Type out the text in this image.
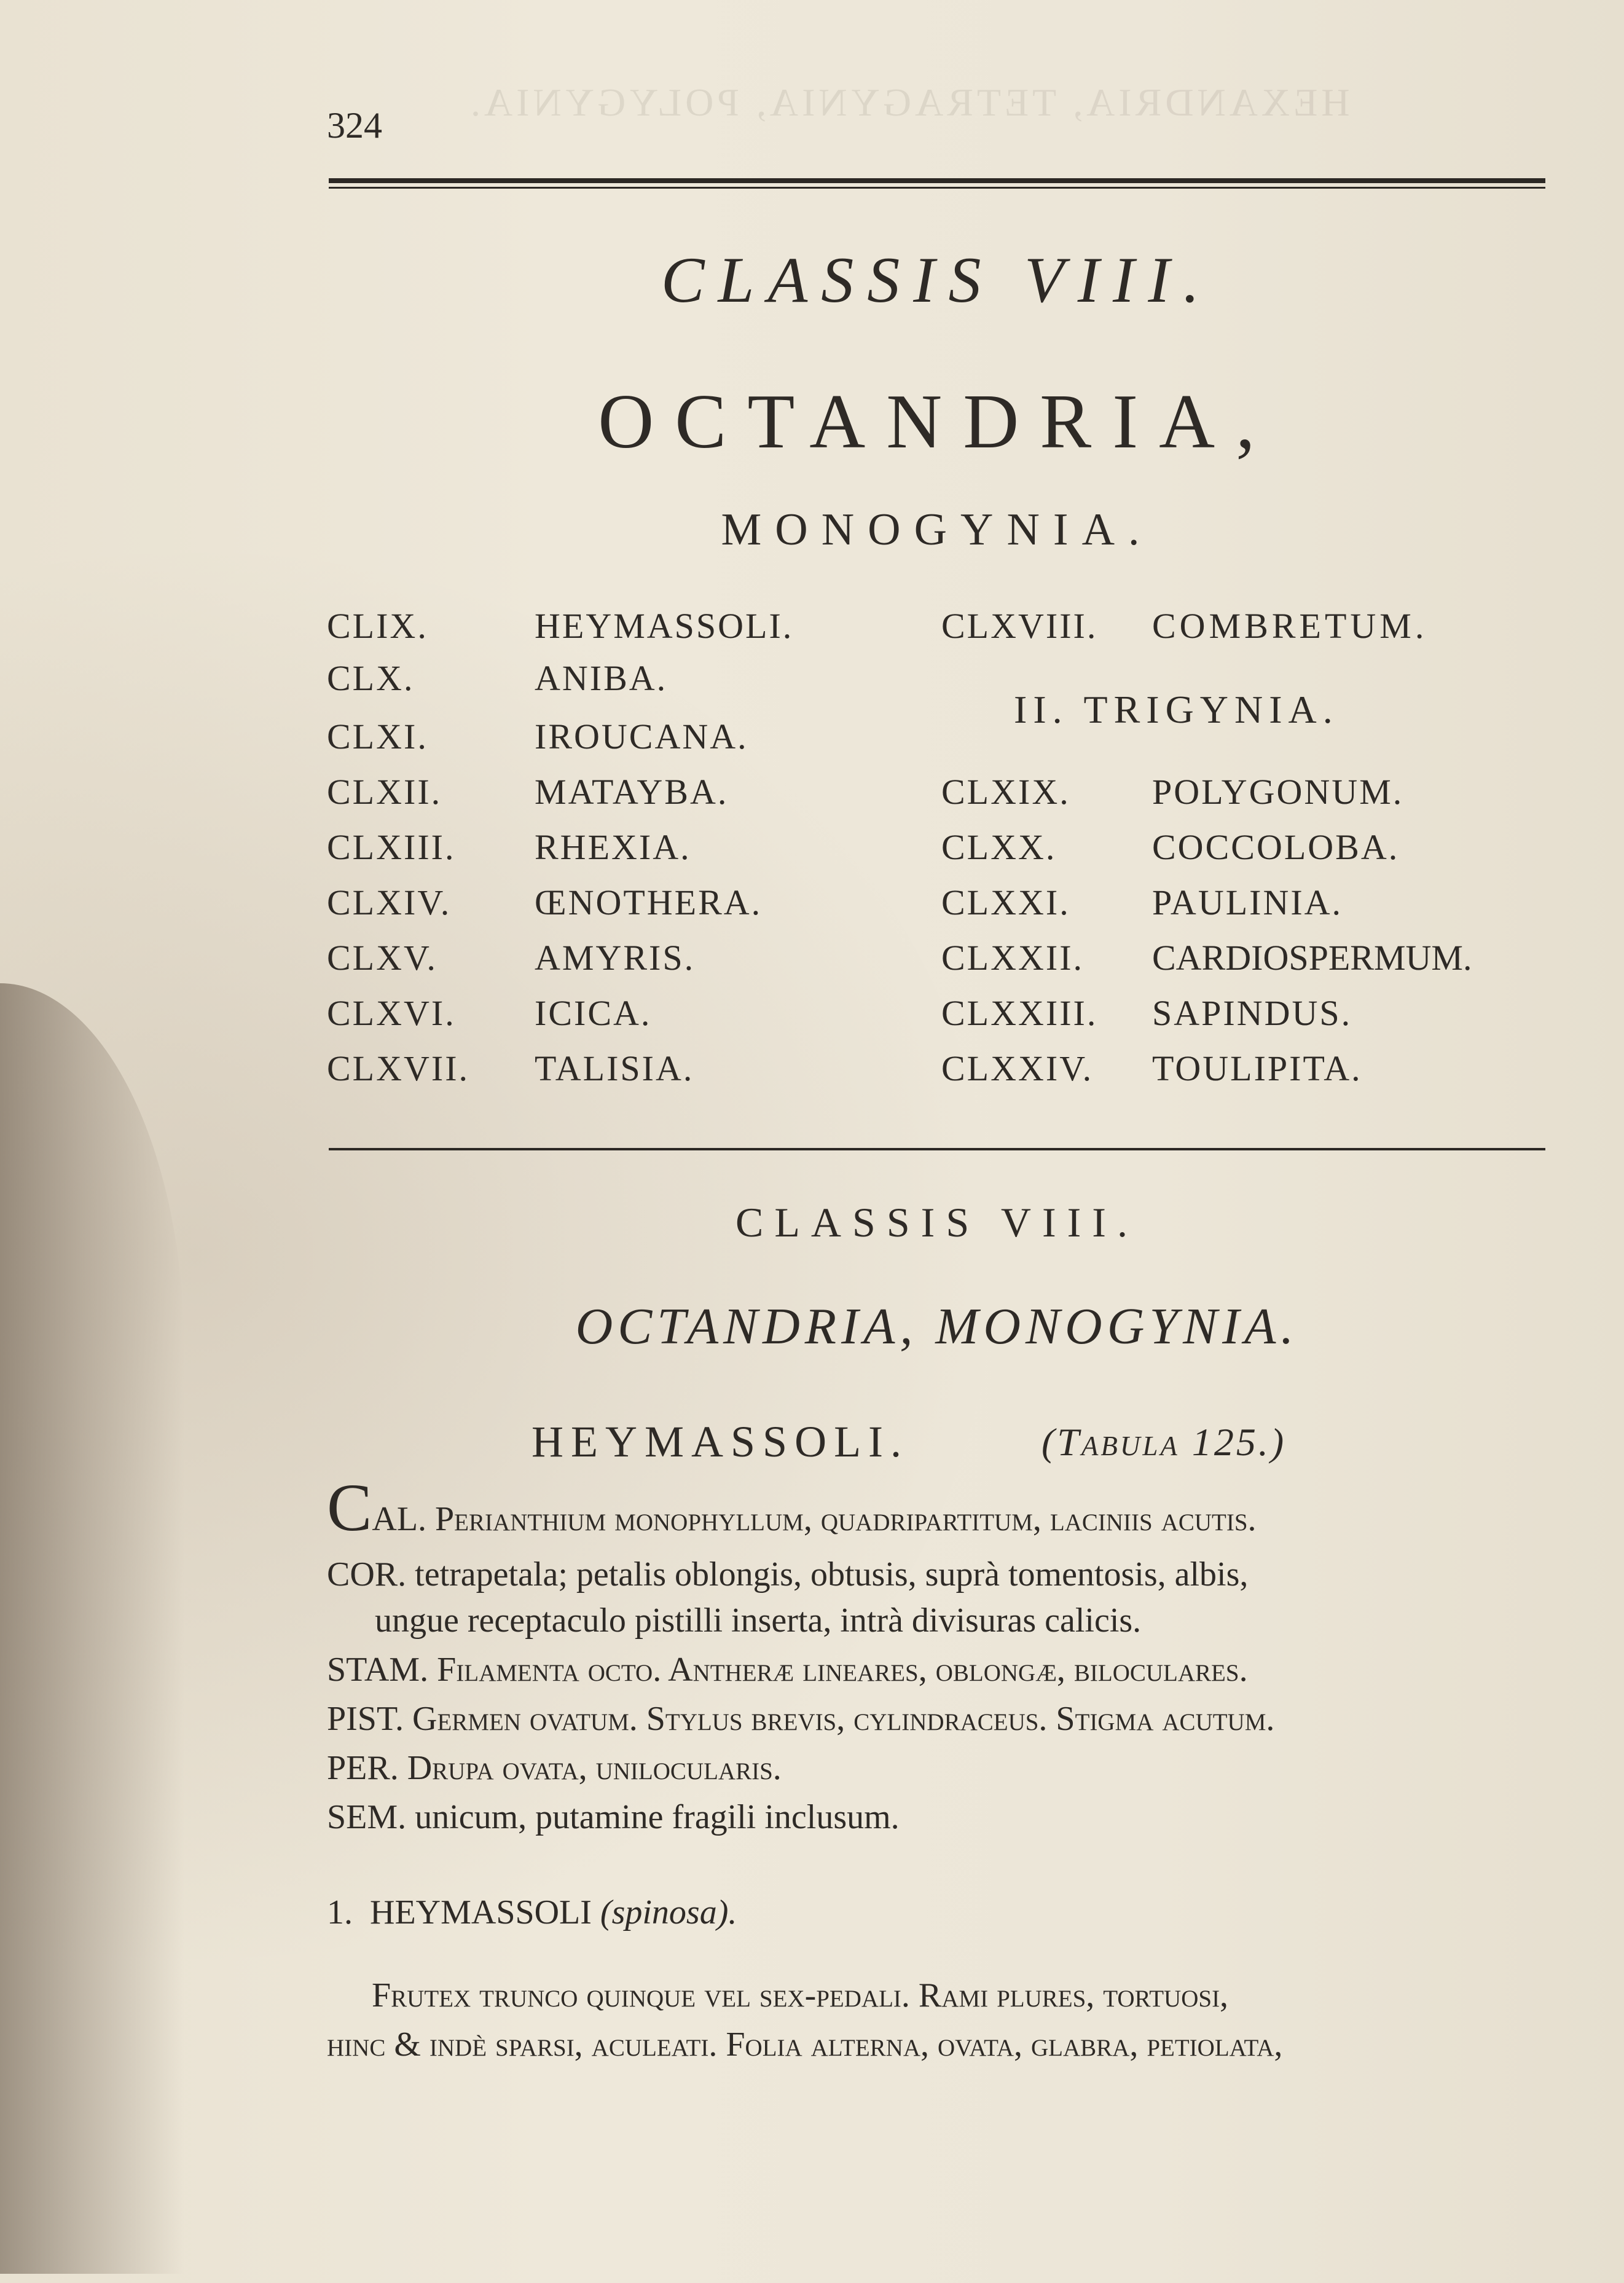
HEXANDRIA, TETRAGYNIA, POLYGYNIA.
324
CLASSIS VIII.
OCTANDRIA,
MONOGYNIA.
CLIX.	HEYMASSOLI.
CLX.	ANIBA.
CLXI.	IROUCANA.
CLXII.	MATAYBA.
CLXIII. RHEXIA.
CLXIV. ŒNOTHERA.
CLXV.	AMYRIS.
CLXVI. ICICA.
CLXVII. TALISIA.
CLXVIII. COMBRETUM.
II. TRIGYNIA.
CLXIX. POLYGONUM.
CLXX.	COCCOLOBA.
CLXXI. PAULINIA.
CLXXII. CARDIOSPERMUM.
CLXXIII. SAPINDUS.
CLXXIV. TOULIPITA.
CLASSIS VIII.
OCTANDRIA, MONOGYNIA.
HEYMASSOLI.	(Tabula 125.)
CAL. Perianthium monophyllum, quadripartitum, laciniis acutis.
COR. tetrapetala; petalis oblongis, obtusis, suprà tomentosis, albis,
ungue receptaculo pistilli inserta, intrà divisuras calicis.
STAM. Filamenta octo. Antheræ lineares, oblongæ, biloculares.
PIST. Germen ovatum. Stylus brevis, cylindraceus. Stigma acutum.
PER. Drupa ovata, unilocularis.
SEM. unicum, putamine fragili inclusum.
1. HEYMASSOLI (spinosa).
Frutex trunco quinque vel sex-pedali. Rami plures, tortuosi,
hinc & indè sparsi, aculeati. Folia alterna, ovata, glabra, petiolata,
